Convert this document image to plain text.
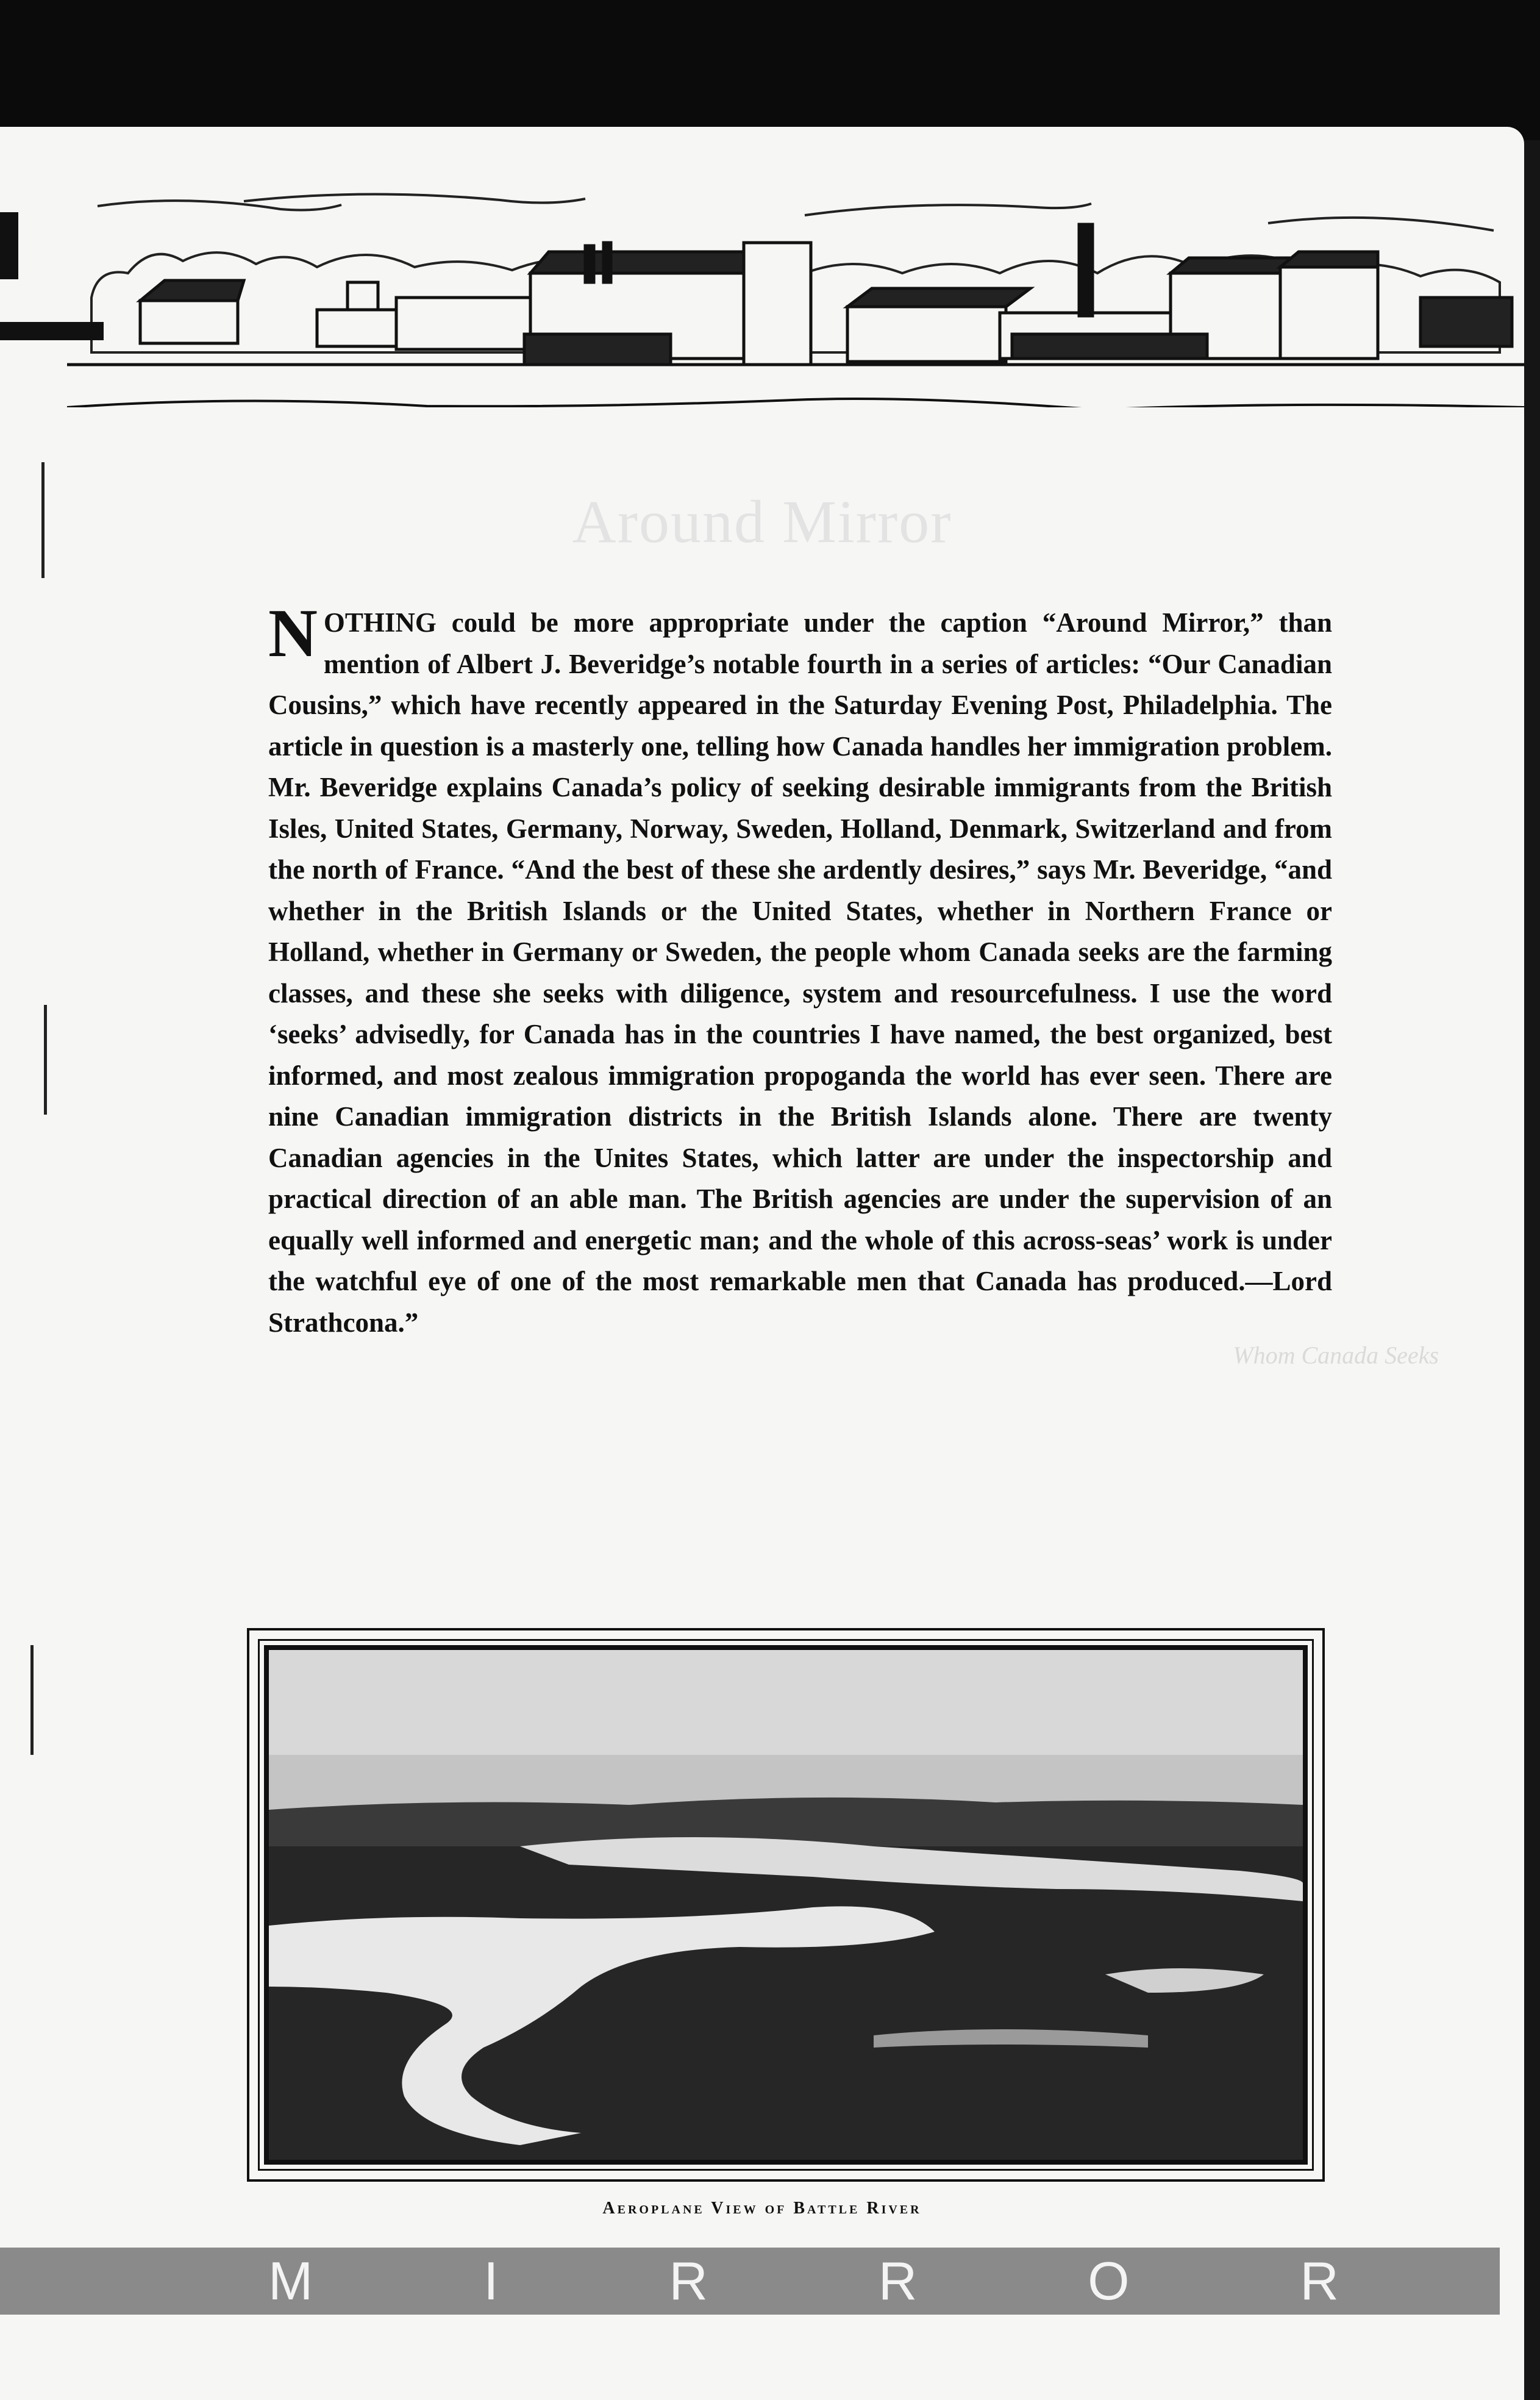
Around Mirror
NOTHING could be more appropriate under the caption “Around Mirror,” than mention of Albert J. Beveridge’s notable fourth in a series of articles: “Our Canadian Cousins,” which have recently appeared in the Saturday Evening Post, Philadelphia. The article in question is a masterly one, telling how Canada handles her immigration problem. Mr. Beveridge explains Canada’s policy of seeking desirable immigrants from the British Isles, United States, Germany, Norway, Sweden, Holland, Denmark, Switzerland and from the north of France. “And the best of these she ardently desires,” says Mr. Beveridge, “and whether in the British Islands or the United States, whether in Northern France or Holland, whether in Germany or Sweden, the people whom Canada seeks are the farming classes, and these she seeks with diligence, system and resourcefulness. I use the word ‘seeks’ advisedly, for Canada has in the countries I have named, the best organized, best informed, and most zealous immigration propoganda the world has ever seen. There are nine Canadian immigration districts in the British Islands alone. There are twenty Canadian agencies in the Unites States, which latter are under the inspectorship and practical direction of an able man. The British agencies are under the supervision of an equally well informed and energetic man; and the whole of this across-seas’ work is under the watchful eye of one of the most remarkable men that Canada has produced.—Lord Strathcona.”
Whom Canada Seeks
Aeroplane View of Battle River
M	I	R	R	O	R
